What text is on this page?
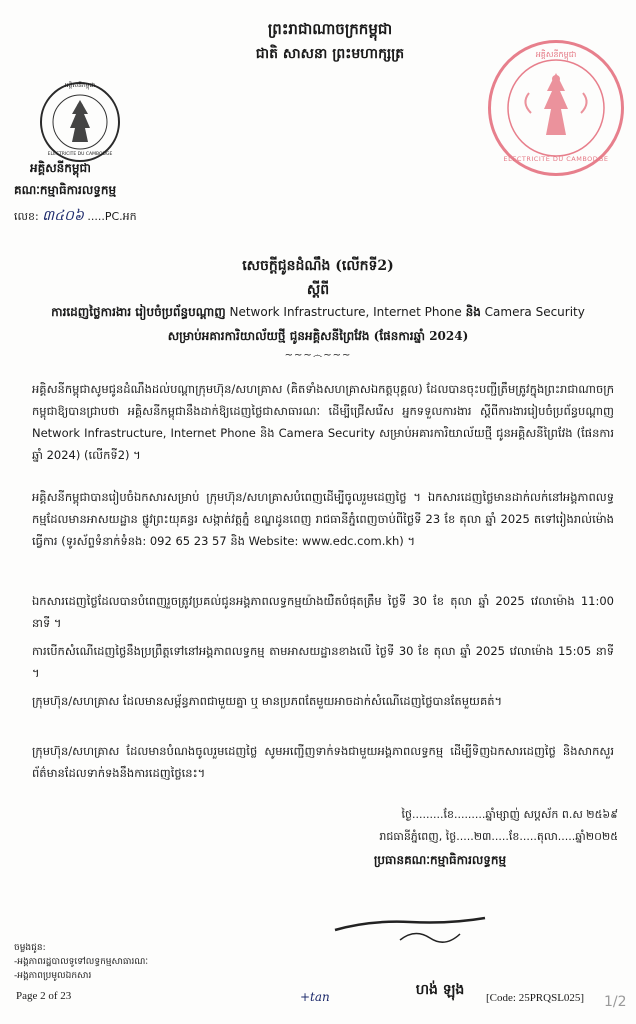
ព្រះរាជាណាចក្រកម្ពុជា
ជាតិ សាសនា ព្រះមហាក្សត្រ
អគ្គិសនីកម្ពុជា
ELECTRICITE DU CAMBODGE
អគ្គិសនីកម្ពុជា
គណៈកម្មាធិការលទ្ធកម្ម
លេខ: ៣៤០៦ .....PC.អក
អគ្គិសនីកម្ពុជា
ELECTRICITE DU CAMBODGE
សេចក្តីជូនដំណឹង (លើកទី2)
ស្តីពី
ការដេញថ្លៃការងារ រៀបចំប្រព័ន្ធបណ្តាញ Network Infrastructure, Internet Phone និង Camera Security
សម្រាប់អគារការិយាល័យថ្មី ជូនអគ្គិសនីព្រៃវែង (ផែនការឆ្នាំ 2024)
~~~෴~~~
អគ្គិសនីកម្ពុជាសូមជូនដំណឹងដល់បណ្តាក្រុមហ៊ុន/សហគ្រាស (គិតទាំងសហគ្រាសឯកត្តបុគ្គល) ដែលបានចុះបញ្ជីត្រឹមត្រូវក្នុងព្រះរាជាណាចក្រកម្ពុជាឱ្យបានជ្រាបថា អគ្គិសនីកម្ពុជានឹងដាក់ឱ្យដេញថ្លៃជាសាធារណៈ ដើម្បីជ្រើសរើស អ្នកទទួលការងារ ស្តីពីការងាររៀបចំប្រព័ន្ធបណ្តាញ Network Infrastructure, Internet Phone និង Camera Security សម្រាប់អគារការិយាល័យថ្មី ជូនអគ្គិសនីព្រៃវែង (ផែនការឆ្នាំ 2024) (លើកទី2) ។
អគ្គិសនីកម្ពុជាបានរៀបចំឯកសារសម្រាប់ ក្រុមហ៊ុន/សហគ្រាសបំពេញដើម្បីចូលរួមដេញថ្លៃ ។ ឯកសារដេញថ្លៃមានដាក់លក់នៅអង្គភាពលទ្ធកម្មដែលមានអាសយដ្ឋាន ផ្លូវព្រះយុគន្ធរ សង្កាត់វត្តភ្នំ ខណ្ឌដូនពេញ រាជធានីភ្នំពេញចាប់ពីថ្ងៃទី 23 ខែ តុលា ឆ្នាំ 2025 តទៅរៀងរាល់ម៉ោងធ្វើការ (ទូរស័ព្ទទំនាក់ទំនង: 092 65 23 57 និង Website: www.edc.com.kh) ។
ឯកសារដេញថ្លៃដែលបានបំពេញរួចត្រូវប្រគល់ជូនអង្គភាពលទ្ធកម្មយ៉ាងយឺតបំផុតត្រឹម ថ្ងៃទី 30 ខែ តុលា ឆ្នាំ 2025 វេលាម៉ោង 11:00 នាទី ។
ការបើកសំណើដេញថ្លៃនឹងប្រព្រឹត្តទៅនៅអង្គភាពលទ្ធកម្ម តាមអាសយដ្ឋានខាងលើ ថ្ងៃទី 30 ខែ តុលា ឆ្នាំ 2025 វេលាម៉ោង 15:05 នាទី ។
ក្រុមហ៊ុន/សហគ្រាស ដែលមានសម្ព័ន្ធភាពជាមួយគ្នា ឬ មានប្រភពតែមួយអាចដាក់សំណើដេញថ្លៃបានតែមួយគត់។
ក្រុមហ៊ុន/សហគ្រាស ដែលមានបំណងចូលរួមដេញថ្លៃ សូមអញ្ជើញទាក់ទងជាមួយអង្គភាពលទ្ធកម្ម ដើម្បីទិញឯកសារដេញថ្លៃ និងសាកសួរព័ត៌មានដែលទាក់ទងនឹងការដេញថ្លៃនេះ។
ថ្ងៃ.........ខែ.........ឆ្នាំម្សាញ់ សប្តស័ក ព.ស ២៥៦៩
រាជធានីភ្នំពេញ, ថ្ងៃ.....២៣.....ខែ.....តុលា.....ឆ្នាំ២០២៥
ប្រធានគណៈកម្មាធិការលទ្ធកម្ម
ហង់ ឡុង
ចម្លងជូន:
-អង្គភាពរដ្ឋបាលទូទៅលទ្ធកម្មសាធារណៈ
-អង្គភាពប្រមូលឯកសារ
Page 2 of 23	+tan	[Code: 25PRQSL025] 1/2
